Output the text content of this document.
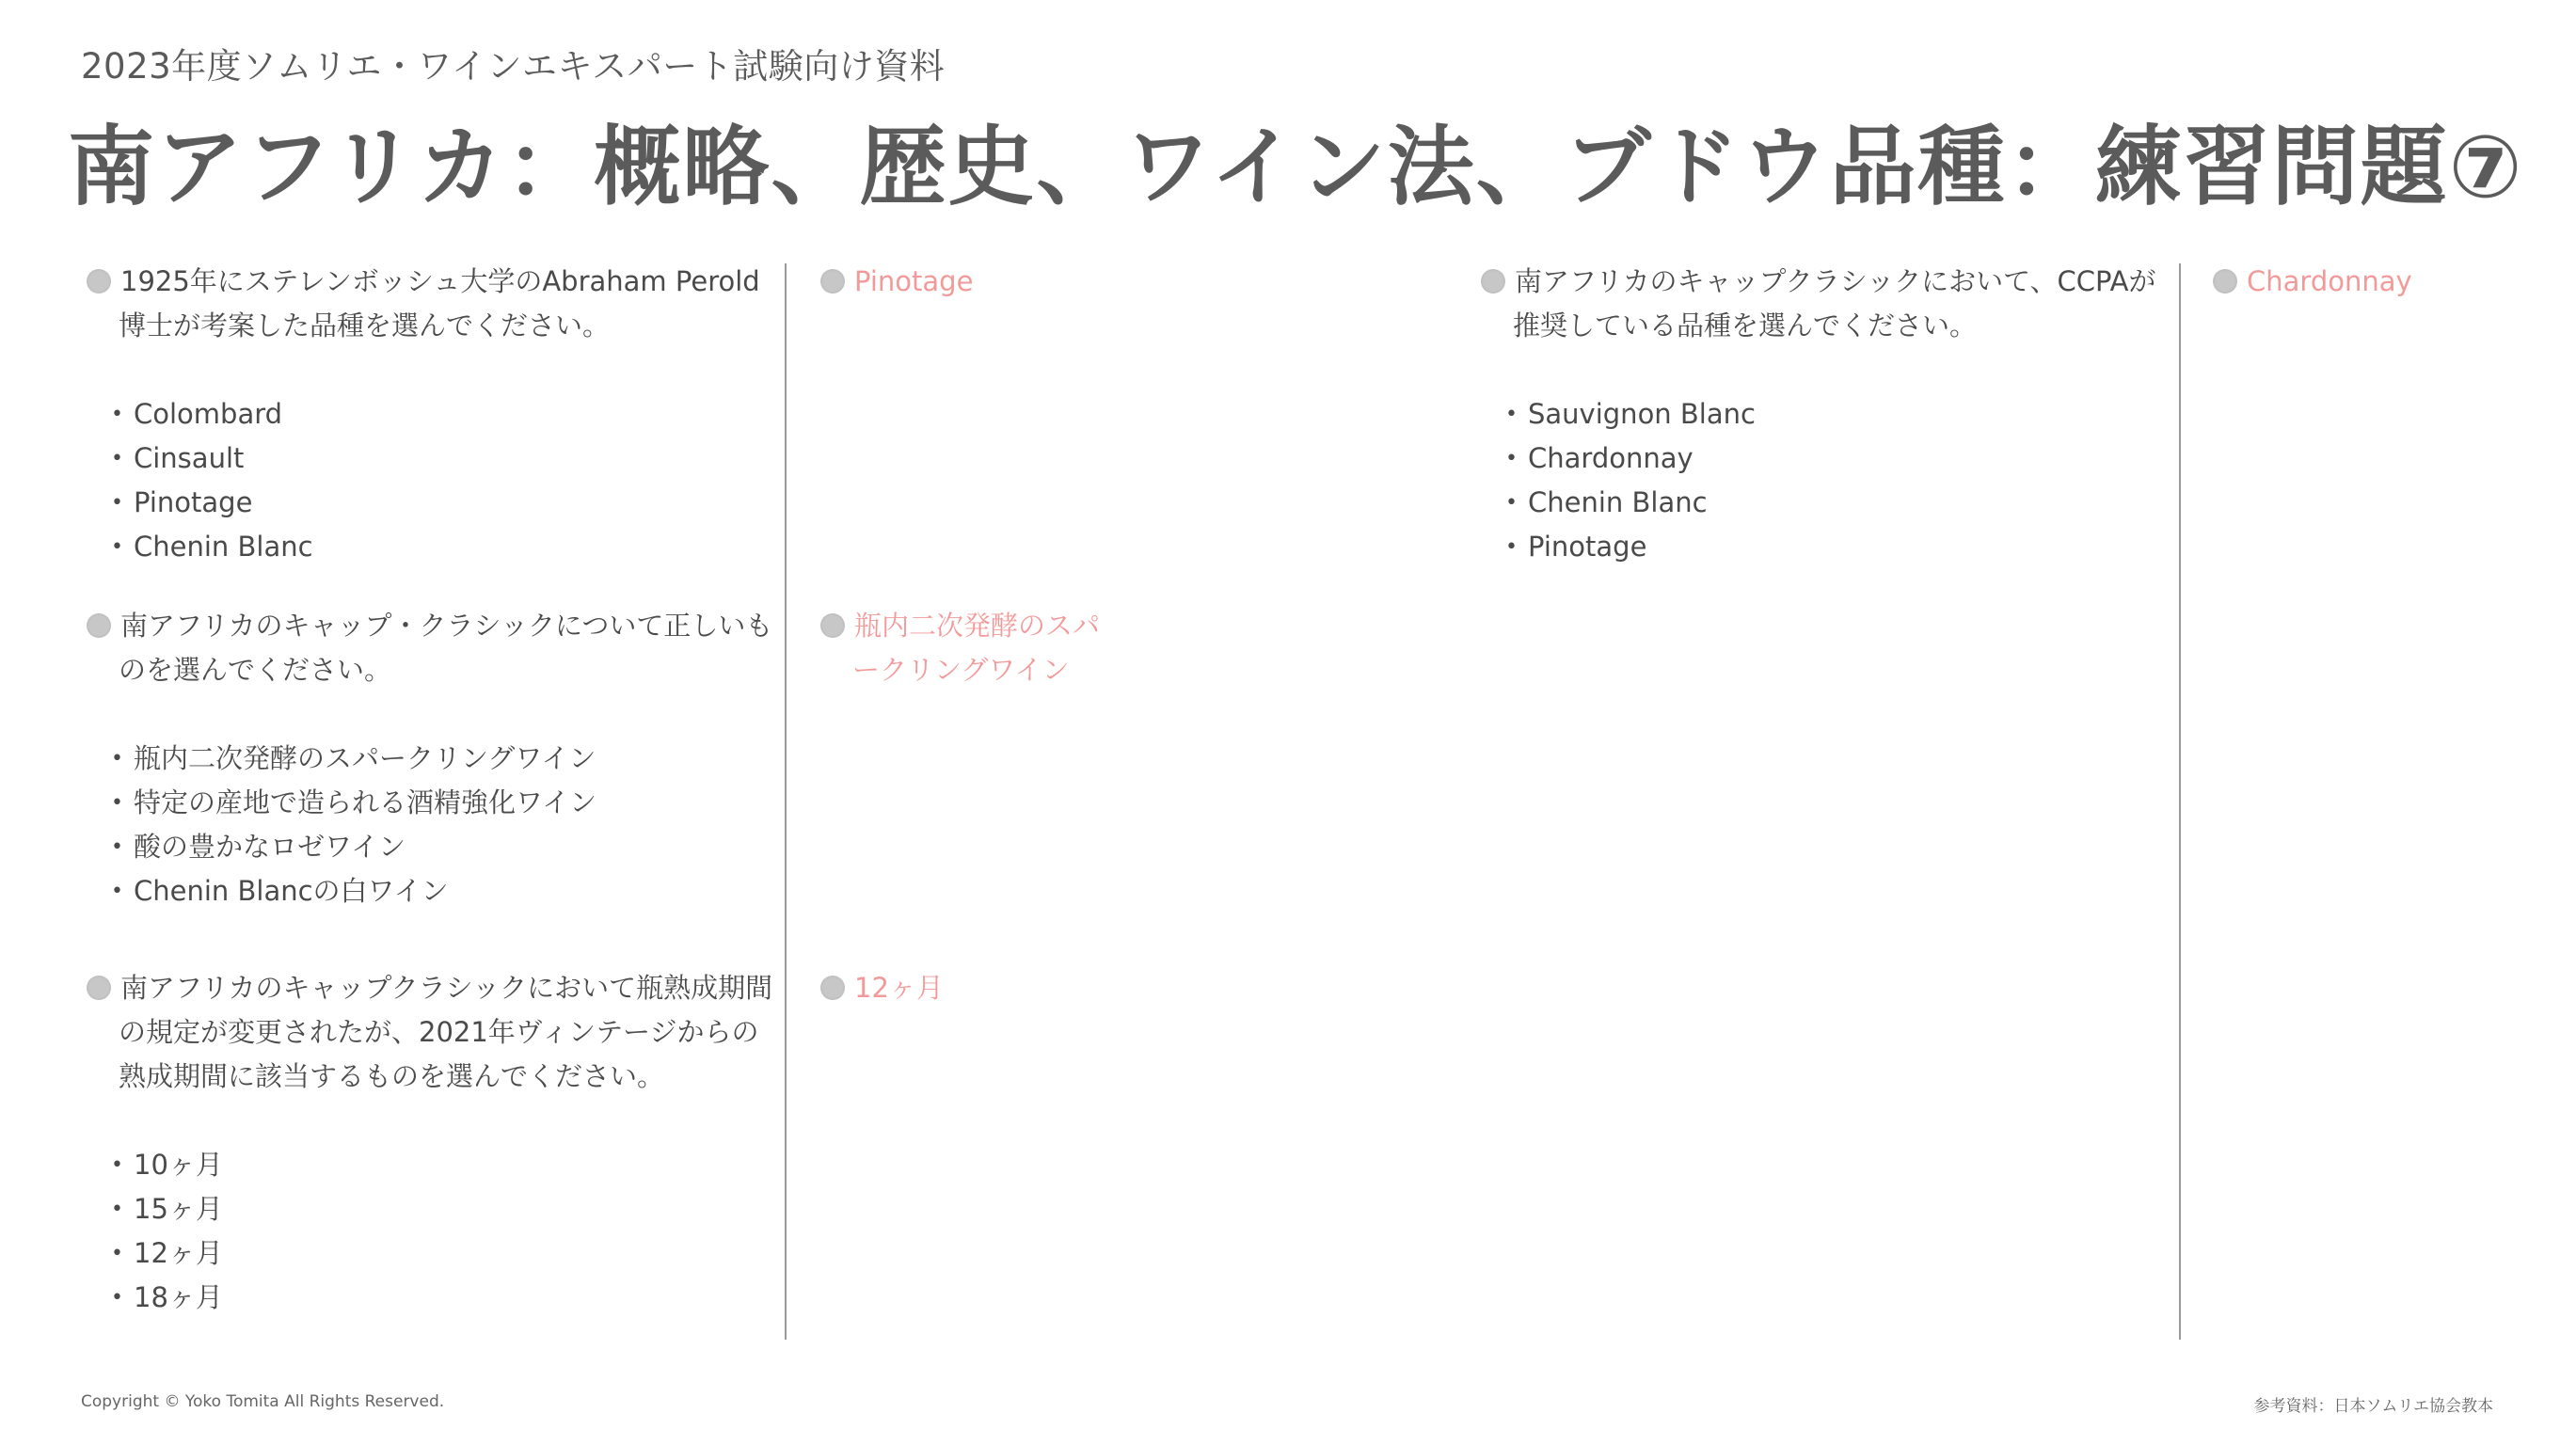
2023年度ソムリエ・ワインエキスパート試験向け資料
南アフリカ：概略、歴史、ワイン法、ブドウ品種：練習問題⑦
1925年にステレンボッシュ大学のAbraham Perold博士が考案した品種を選んでください。
• Colombard
• Cinsault
• Pinotage
• Chenin Blanc
Pinotage
南アフリカのキャップ・クラシックについて正しいものを選んでください。
• 瓶内二次発酵のスパークリングワイン
• 特定の産地で造られる酒精強化ワイン
• 酸の豊かなロゼワイン
• Chenin Blancの白ワイン
瓶内二次発酵のスパークリングワイン
南アフリカのキャップクラシックにおいて瓶熟成期間の規定が変更されたが、2021年ヴィンテージからの熟成期間に該当するものを選んでください。
• 10ヶ月
• 15ヶ月
• 12ヶ月
• 18ヶ月
12ヶ月
南アフリカのキャップクラシックにおいて、CCPAが推奨している品種を選んでください。
• Sauvignon Blanc
• Chardonnay
• Chenin Blanc
• Pinotage
Chardonnay
Copyright © Yoko Tomita All Rights Reserved.	参考資料：日本ソムリエ協会教本
